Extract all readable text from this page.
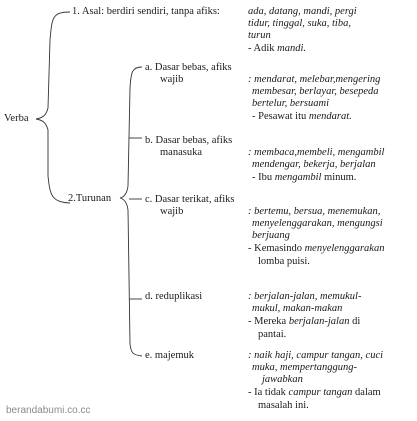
Verba
1. Asal: berdiri sendiri, tanpa afiks:	ada, datang, mandi, pergi
tidur, tinggal, suka, tiba,
turun
- Adik mandi.
2.Turunan
a. Dasar bebas, afiks
wajib	: mendarat, melebar,mengering
membesar, berlayar, besepeda
bertelur, bersuami
- Pesawat itu mendarat.
b. Dasar bebas, afiks
manasuka	: membaca,membeli, mengambil
mendengar, bekerja, berjalan
- Ibu mengambil minum.
c. Dasar terikat, afiks
wajib	: bertemu, bersua, menemukan,
menyelenggarakan, mengungsi
berjuang
- Kemasindo menyelenggarakan
lomba puisi.
d. reduplikasi	: berjalan-jalan, memukul-
mukul, makan-makan
- Mereka berjalan-jalan di
pantai.
e. majemuk	: naik haji, campur tangan, cuci
muka, mempertanggung-
jawabkan
- Ia tidak campur tangan dalam
masalah ini.
berandabumi.co.cc
